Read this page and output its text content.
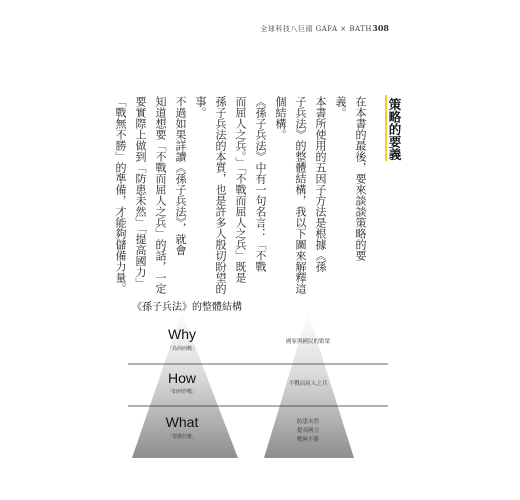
全球科技八巨頭 GAFA × BATH 308
策略的要義

在本書的最後，要來談談策略的要

義。

本書所使用的五因子方法是根據《孫

子兵法》的整體結構，我以下圖來解釋這

個結構。

《孫子兵法》中有一句名言：「不戰

而屈人之兵。」「不戰而屈人之兵」既是

孫子兵法的本質，也是許多人殷切盼望的

事。

不過如果詳讀《孫子兵法》，就會

知道想要「不戰而屈人之兵」的話，一定

要實際上做到「防患未然」「提高國力」

「戰無不勝」的準備，才能夠儲備力量。

《孫子兵法》的整體結構
Why
「為何而戰」
國家與國民的繁榮
How
「如何作戰」
不戰而屈人之兵
What
「要做什麼」
防患未然
提高國力
戰無不勝
